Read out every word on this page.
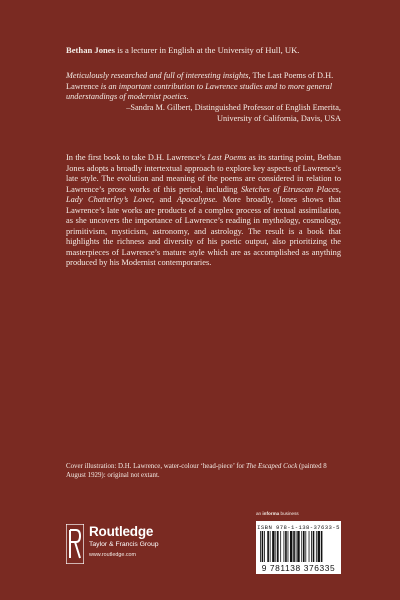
Bethan Jones is a lecturer in English at the University of Hull, UK.
Meticulously researched and full of interesting insights, The Last Poems of D.H. Lawrence is an important contribution to Lawrence studies and to more general understandings of modernist poetics.
–Sandra M. Gilbert, Distinguished Professor of English Emerita,
University of California, Davis, USA
In the first book to take D.H. Lawrence’s Last Poems as its starting point, Bethan Jones adopts a broadly intertextual approach to explore key aspects of Lawrence’s late style. The evolution and meaning of the poems are considered in relation to Lawrence’s prose works of this period, including Sketches of Etruscan Places, Lady Chatterley’s Lover, and Apocalypse. More broadly, Jones shows that Lawrence’s late works are products of a complex process of textual assimilation, as she uncovers the importance of Lawrence’s reading in mythology, cosmology, primitivism, mysticism, astronomy, and astrology. The result is a book that highlights the richness and diversity of his poetic output, also prioritizing the masterpieces of Lawrence’s mature style which are as accomplished as anything produced by his Modernist contemporaries.
Cover illustration: D.H. Lawrence, water-colour ‘head-piece’ for The Escaped Cock (painted 8 August 1929): original not extant.
Routledge
Taylor & Francis Group
www.routledge.com
an informa business
ISBN 978-1-138-37633-5
9 781138 376335
